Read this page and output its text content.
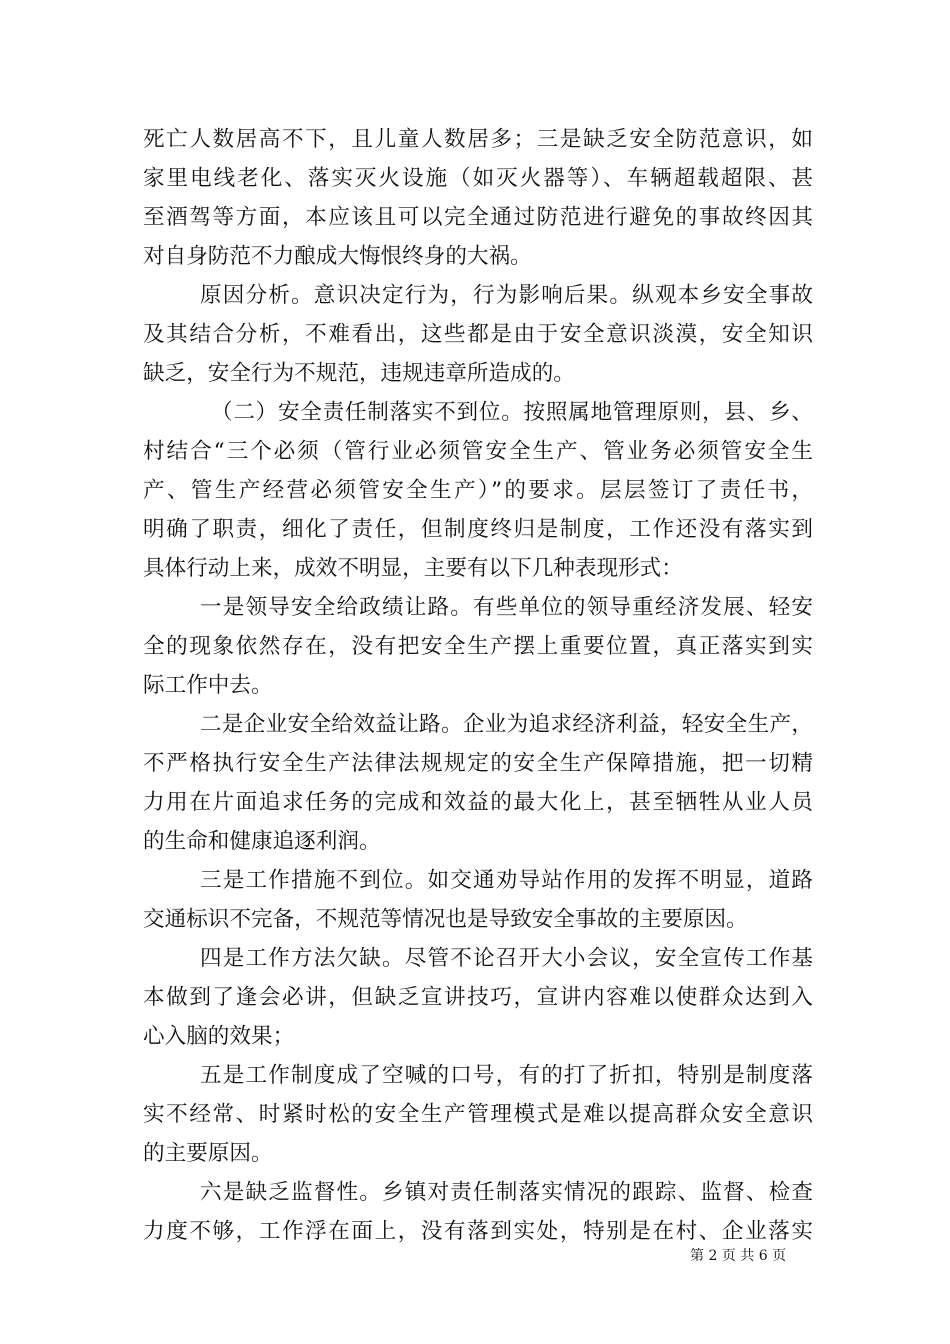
死亡人数居高不下，且儿童人数居多；三是缺乏安全防范意识，如
家里电线老化、落实灭火设施（如灭火器等）、车辆超载超限、甚
至酒驾等方面，本应该且可以完全通过防范进行避免的事故终因其
对自身防范不力酿成大悔恨终身的大祸。
原因分析。意识决定行为，行为影响后果。纵观本乡安全事故
及其结合分析，不难看出，这些都是由于安全意识淡漠，安全知识
缺乏，安全行为不规范，违规违章所造成的。
（二）安全责任制落实不到位。按照属地管理原则，县、乡、
村结合“三个必须（管行业必须管安全生产、管业务必须管安全生
产、管生产经营必须管安全生产）”的要求。层层签订了责任书，
明确了职责，细化了责任，但制度终归是制度，工作还没有落实到
具体行动上来，成效不明显，主要有以下几种表现形式：
一是领导安全给政绩让路。有些单位的领导重经济发展、轻安
全的现象依然存在，没有把安全生产摆上重要位置，真正落实到实
际工作中去。
二是企业安全给效益让路。企业为追求经济利益，轻安全生产，
不严格执行安全生产法律法规规定的安全生产保障措施，把一切精
力用在片面追求任务的完成和效益的最大化上，甚至牺牲从业人员
的生命和健康追逐利润。
三是工作措施不到位。如交通劝导站作用的发挥不明显，道路
交通标识不完备，不规范等情况也是导致安全事故的主要原因。
四是工作方法欠缺。尽管不论召开大小会议，安全宣传工作基
本做到了逢会必讲，但缺乏宣讲技巧，宣讲内容难以使群众达到入
心入脑的效果；
五是工作制度成了空喊的口号，有的打了折扣，特别是制度落
实不经常、时紧时松的安全生产管理模式是难以提高群众安全意识
的主要原因。
六是缺乏监督性。乡镇对责任制落实情况的跟踪、监督、检查
力度不够，工作浮在面上，没有落到实处，特别是在村、企业落实
第 2 页 共 6 页
